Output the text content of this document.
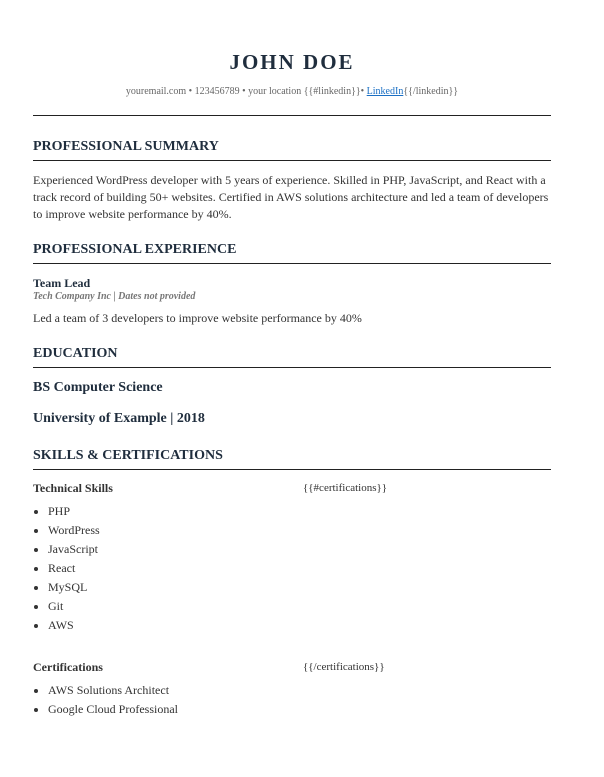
JOHN DOE
youremail.com • 123456789 • your location {{#linkedin}}• LinkedIn{{/linkedin}}
PROFESSIONAL SUMMARY
Experienced WordPress developer with 5 years of experience. Skilled in PHP, JavaScript, and React with a track record of building 50+ websites. Certified in AWS solutions architecture and led a team of developers to improve website performance by 40%.
PROFESSIONAL EXPERIENCE
Team Lead
Tech Company Inc | Dates not provided
Led a team of 3 developers to improve website performance by 40%
EDUCATION
BS Computer Science
University of Example | 2018
SKILLS & CERTIFICATIONS
Technical Skills	{{#certifications}}
PHP
WordPress
JavaScript
React
MySQL
Git
AWS
Certifications	{{/certifications}}
AWS Solutions Architect
Google Cloud Professional
